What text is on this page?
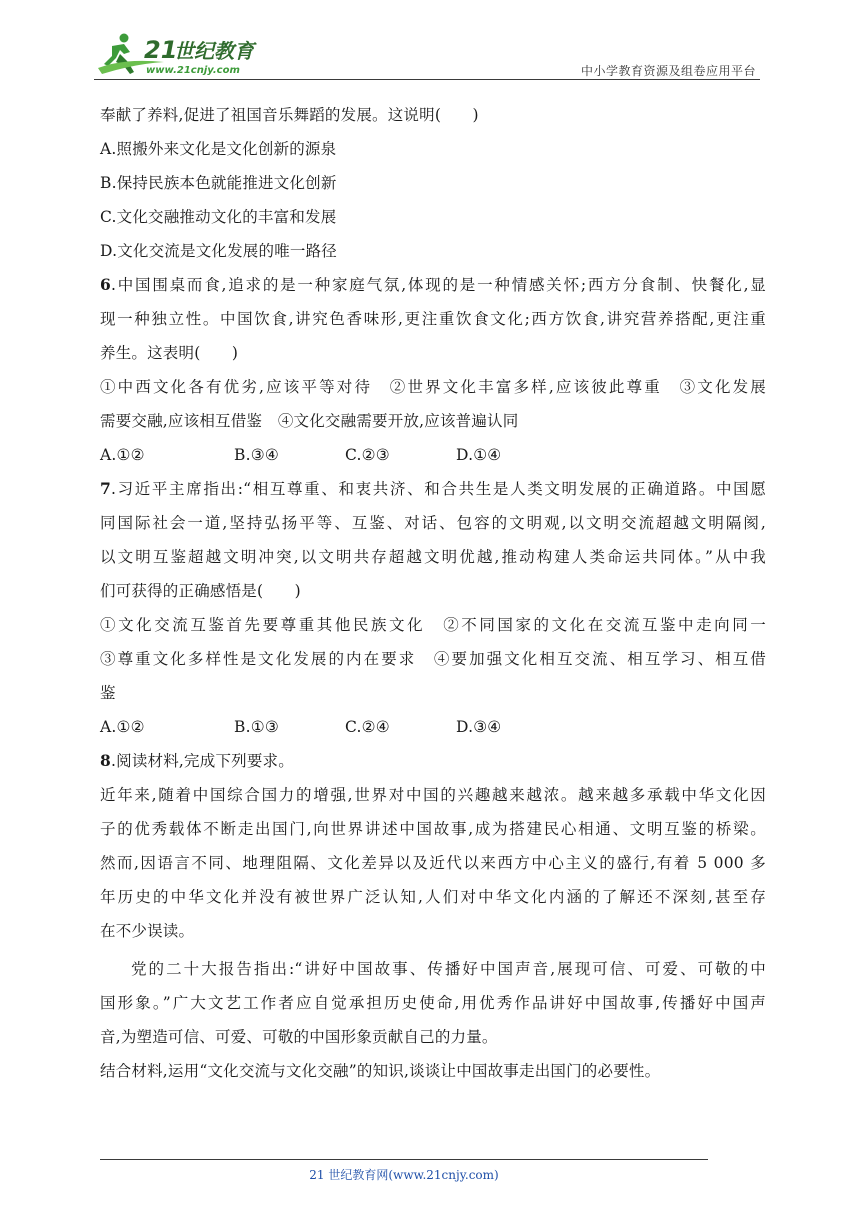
21
世纪教育
www.21cnjy.com	中小学教育资源及组卷应用平台
奉献了养料,促进了祖国音乐舞蹈的发展。这说明(　　)
A.照搬外来文化是文化创新的源泉
B.保持民族本色就能推进文化创新
C.文化交融推动文化的丰富和发展
D.文化交流是文化发展的唯一路径
6.中国围桌而食,追求的是一种家庭气氛,体现的是一种情感关怀;西方分食制、快餐化,显
现一种独立性。中国饮食,讲究色香味形,更注重饮食文化;西方饮食,讲究营养搭配,更注重
养生。这表明(　　)
①中西文化各有优劣,应该平等对待　②世界文化丰富多样,应该彼此尊重　③文化发展
需要交融,应该相互借鉴　④文化交融需要开放,应该普遍认同
A.①②	B.③④	C.②③	D.①④
7.习近平主席指出:“相互尊重、和衷共济、和合共生是人类文明发展的正确道路。中国愿
同国际社会一道,坚持弘扬平等、互鉴、对话、包容的文明观,以文明交流超越文明隔阂,
以文明互鉴超越文明冲突,以文明共存超越文明优越,推动构建人类命运共同体。”从中我
们可获得的正确感悟是(　　)
①文化交流互鉴首先要尊重其他民族文化　②不同国家的文化在交流互鉴中走向同一
③尊重文化多样性是文化发展的内在要求　④要加强文化相互交流、相互学习、相互借
鉴
A.①②	B.①③	C.②④	D.③④
8.阅读材料,完成下列要求。
近年来,随着中国综合国力的增强,世界对中国的兴趣越来越浓。越来越多承载中华文化因
子的优秀载体不断走出国门,向世界讲述中国故事,成为搭建民心相通、文明互鉴的桥梁。
然而,因语言不同、地理阻隔、文化差异以及近代以来西方中心主义的盛行,有着 5 000 多
年历史的中华文化并没有被世界广泛认知,人们对中华文化内涵的了解还不深刻,甚至存
在不少误读。
党的二十大报告指出:“讲好中国故事、传播好中国声音,展现可信、可爱、可敬的中
国形象。”广大文艺工作者应自觉承担历史使命,用优秀作品讲好中国故事,传播好中国声
音,为塑造可信、可爱、可敬的中国形象贡献自己的力量。
结合材料,运用“文化交流与文化交融”的知识,谈谈让中国故事走出国门的必要性。
21 世纪教育网(www.21cnjy.com)
